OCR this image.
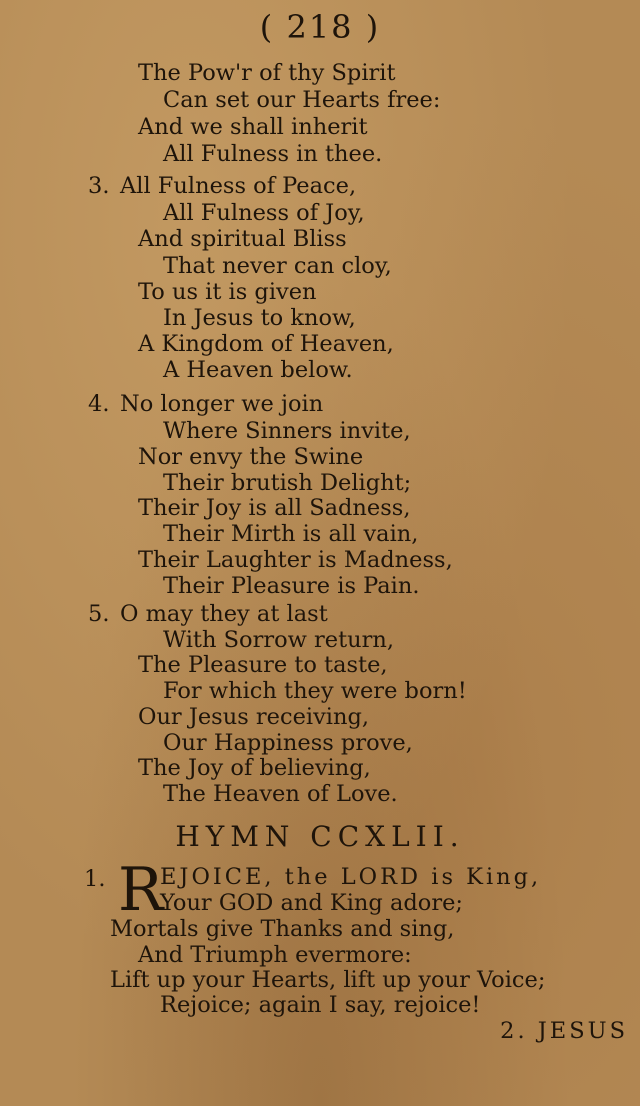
( 218 )
The Pow'r of thy Spirit
Can set our Hearts free:
And we shall inherit
All Fulness in thee.
3. All Fulness of Peace,
All Fulness of Joy,
And spiritual Bliss
That never can cloy,
To us it is given
In Jesus to know,
A Kingdom of Heaven,
A Heaven below.
4. No longer we join
Where Sinners invite,
Nor envy the Swine
Their brutish Delight;
Their Joy is all Sadness,
Their Mirth is all vain,
Their Laughter is Madness,
Their Pleasure is Pain.
5. O may they at last
With Sorrow return,
The Pleasure to taste,
For which they were born!
Our Jesus receiving,
Our Happiness prove,
The Joy of believing,
The Heaven of Love.
HYMN CCXLII.
1. R
EJOICE, the LORD is King,
Your GOD and King adore;
Mortals give Thanks and sing,
And Triumph evermore:
Lift up your Hearts, lift up your Voice;
Rejoice; again I say, rejoice!
2. JESUS
